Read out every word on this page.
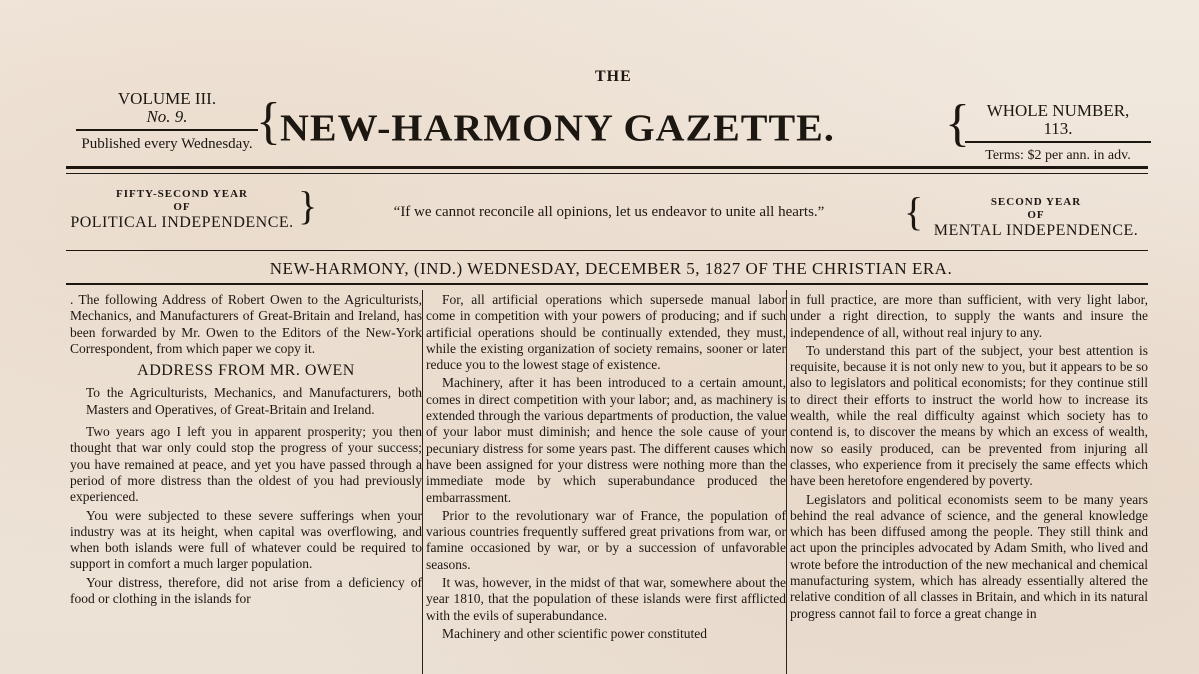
THE
NEW-HARMONY GAZETTE.
VOLUME III.
No. 9.
Published every Wednesday. {	WHOLE NUMBER,
113.
Terms: $2 per ann. in adv.
{
FIFTY-SECOND YEAR
OF
POLITICAL INDEPENDENCE. }	“If we cannot reconcile all opinions, let us endeavor to unite all hearts.”	{	SECOND YEAR
OF
MENTAL INDEPENDENCE.
NEW-HARMONY, (IND.) WEDNESDAY, DECEMBER 5, 1827 OF THE CHRISTIAN ERA.

. The following Address of Robert Owen to the Agriculturists, Mechanics, and Manufacturers of Great-Britain and Ireland, has been forwarded by Mr. Owen to the Editors of the New-York Correspondent, from which paper we copy it.

ADDRESS FROM MR. OWEN

To the Agriculturists, Mechanics, and Manufacturers, both Masters and Operatives, of Great-Britain and Ireland.

Two years ago I left you in apparent prosperity; you then thought that war only could stop the progress of your success; you have remained at peace, and yet you have passed through a period of more distress than the oldest of you had previously experienced.

You were subjected to these severe sufferings when your industry was at its height, when capital was overflowing, and when both islands were full of whatever could be required to support in comfort a much larger population.

Your distress, therefore, did not arise from a deficiency of food or clothing in the islands for

For, all artificial operations which supersede manual labor come in competition with your powers of producing; and if such artificial operations should be continually extended, they must, while the existing organization of society remains, sooner or later reduce you to the lowest stage of existence.

Machinery, after it has been introduced to a certain amount, comes in direct competition with your labor; and, as machinery is extended through the various departments of production, the value of your labor must diminish; and hence the sole cause of your pecuniary distress for some years past. The different causes which have been assigned for your distress were nothing more than the immediate mode by which superabundance produced the embarrassment.

Prior to the revolutionary war of France, the population of various countries frequently suffered great privations from war, or famine occasioned by war, or by a succession of unfavorable seasons.

It was, however, in the midst of that war, somewhere about the year 1810, that the population of these islands were first afflicted with the evils of superabundance.

Machinery and other scientific power constituted

in full practice, are more than sufficient, with very light labor, under a right direction, to supply the wants and insure the independence of all, without real injury to any.

To understand this part of the subject, your best attention is requisite, because it is not only new to you, but it appears to be so also to legislators and political economists; for they continue still to direct their efforts to instruct the world how to increase its wealth, while the real difficulty against which society has to contend is, to discover the means by which an excess of wealth, now so easily produced, can be prevented from injuring all classes, who experience from it precisely the same effects which have been heretofore engendered by poverty.

Legislators and political economists seem to be many years behind the real advance of science, and the general knowledge which has been diffused among the people. They still think and act upon the principles advocated by Adam Smith, who lived and wrote before the introduction of the new mechanical and chemical manufacturing system, which has already essentially altered the relative condition of all classes in Britain, and which in its natural progress cannot fail to force a great change in
